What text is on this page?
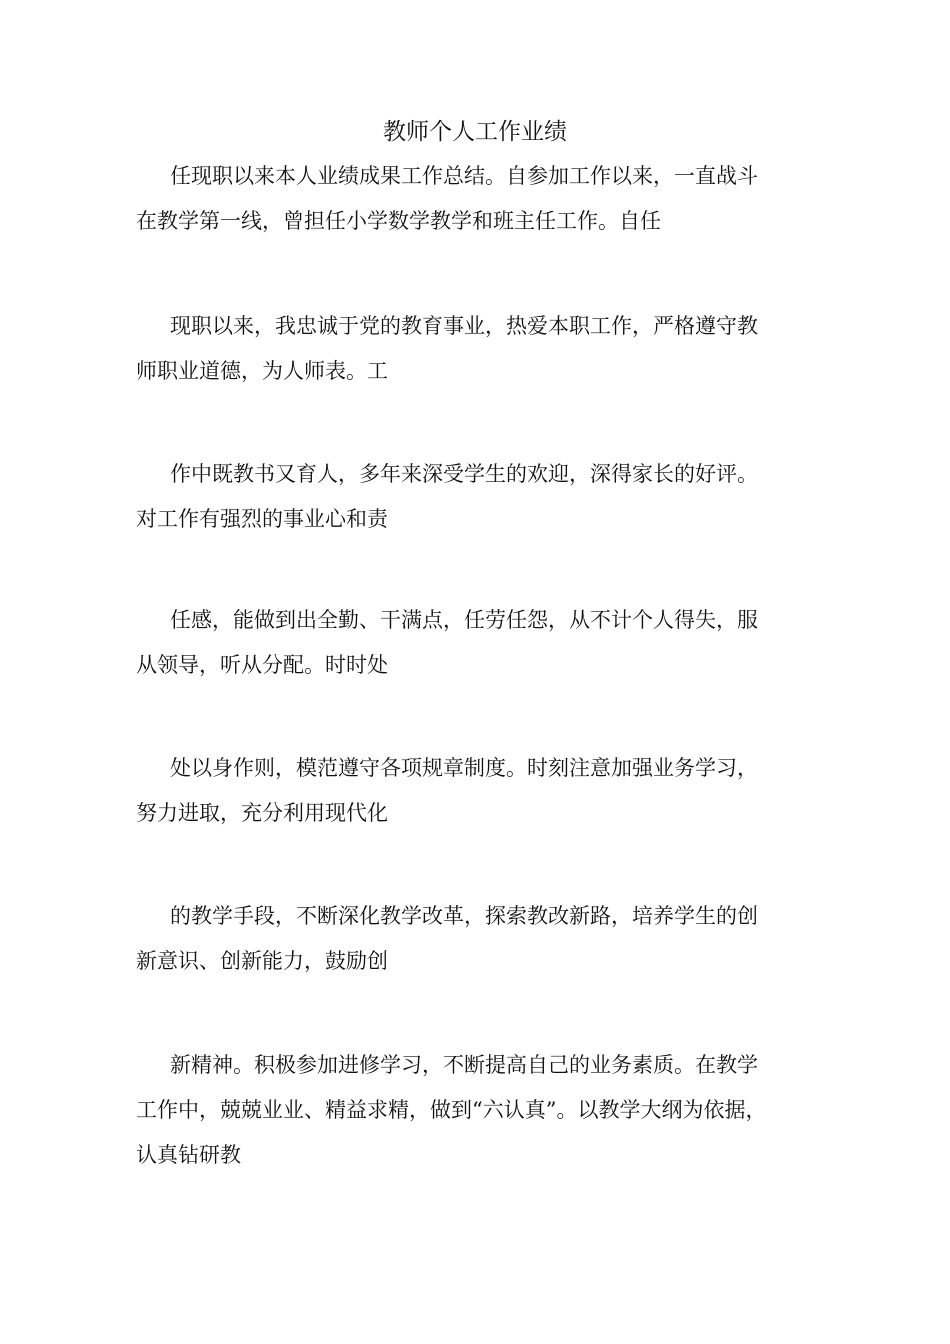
教师个人工作业绩

任现职以来本人业绩成果工作总结。自参加工作以来，一直战斗
在教学第一线，曾担任小学数学教学和班主任工作。自任

现职以来，我忠诚于党的教育事业，热爱本职工作，严格遵守教
师职业道德，为人师表。工

作中既教书又育人，多年来深受学生的欢迎，深得家长的好评。
对工作有强烈的事业心和责

任感，能做到出全勤、干满点，任劳任怨，从不计个人得失，服
从领导，听从分配。时时处

处以身作则，模范遵守各项规章制度。时刻注意加强业务学习，
努力进取，充分利用现代化

的教学手段，不断深化教学改革，探索教改新路，培养学生的创
新意识、创新能力，鼓励创

新精神。积极参加进修学习，不断提高自己的业务素质。在教学
工作中，兢兢业业、精益求精，做到“六认真”。以教学大纲为依据，
认真钻研教
